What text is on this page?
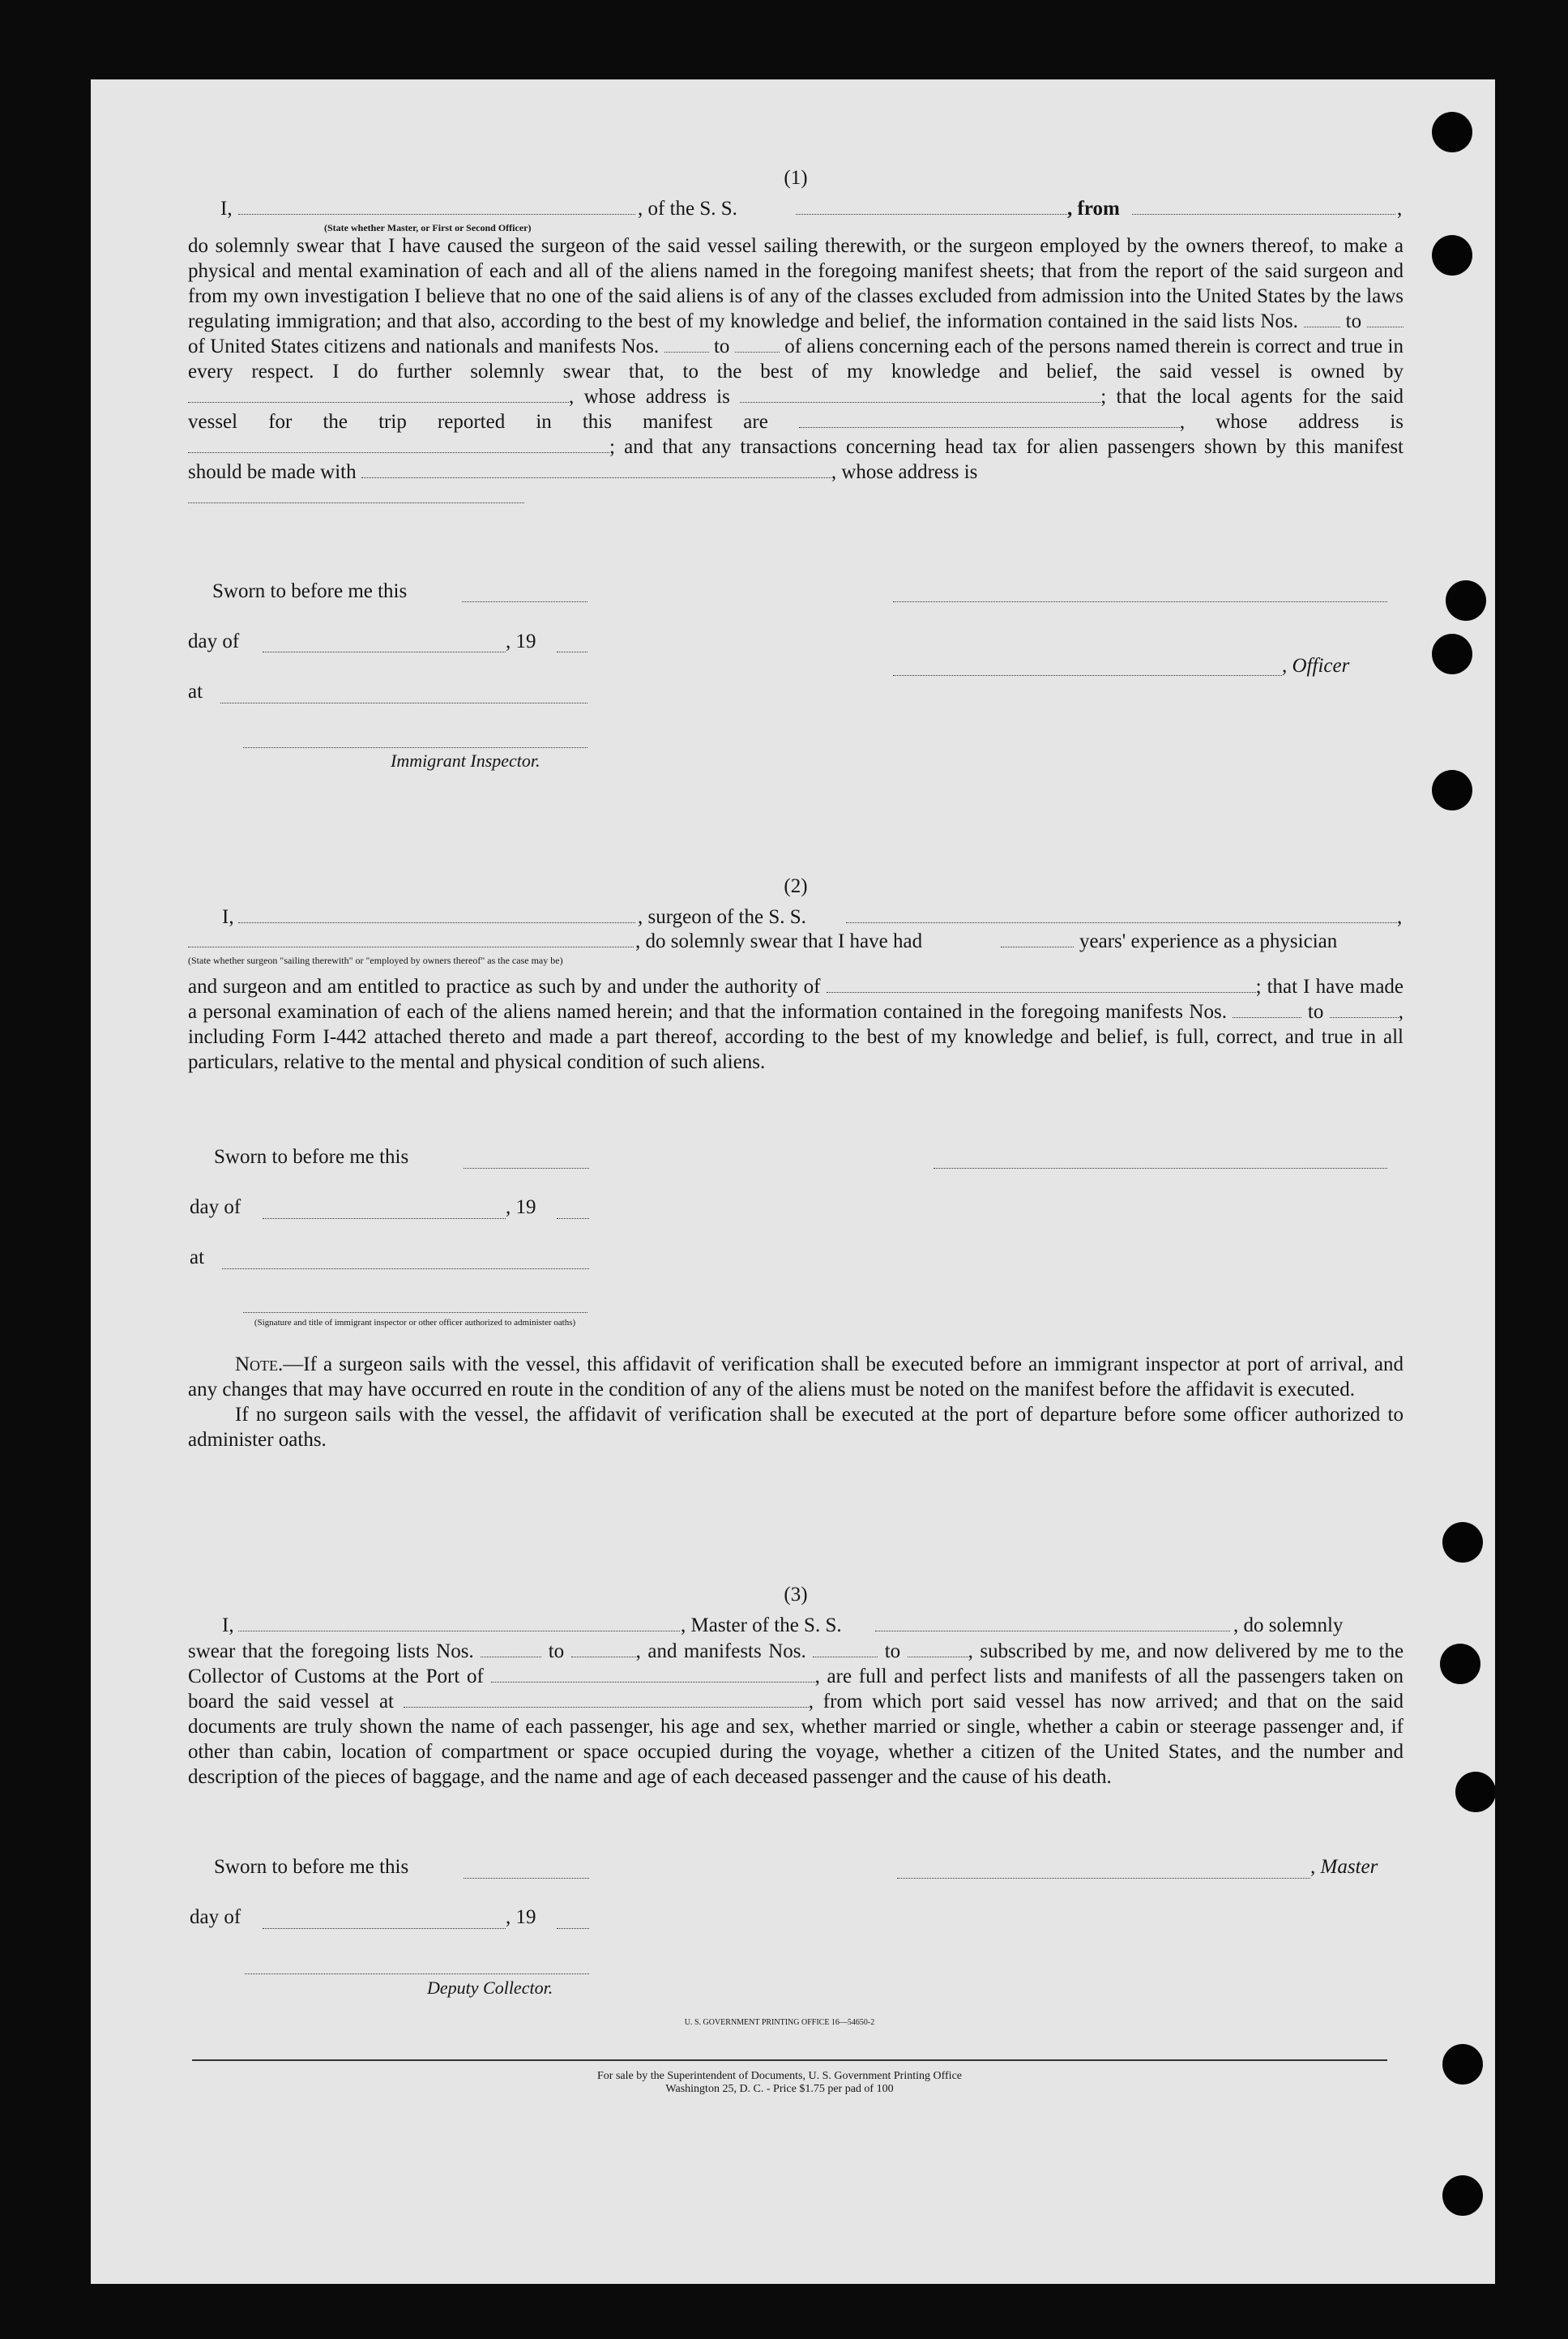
(1)
I,	, of the S. S.	, from	,
(State whether Master, or First or Second Officer)

do solemnly swear that I have caused the surgeon of the said vessel sailing therewith, or the surgeon employed by the owners thereof, to make a physical and mental examination of each and all of the aliens named in the foregoing manifest sheets; that from the report of the said surgeon and from my own investigation I believe that no one of the said aliens is of any of the classes excluded from admission into the United States by the laws regulating immigration; and that also, according to the best of my knowledge and belief, the information contained in the said lists Nos. to  of United States citizens and nationals and manifests Nos.	to	of aliens concerning each of the persons named therein is correct and true in every respect. I do further solemnly swear that, to the best of my knowledge and belief, the said vessel is owned by , whose address is	; that the local agents for the said vessel for the trip reported in this manifest are	, whose address is ; and that any transactions concerning head tax for alien passengers shown by this manifest should be made with	, whose address is

Sworn to before me this
day of	, 19
, Officer
at
Immigrant Inspector.
(2)
I,	, surgeon of the S. S.	,
, do solemnly swear that I have had	years' experience as a physician
(State whether surgeon "sailing therewith" or "employed by owners thereof" as the case may be)

and surgeon and am entitled to practice as such by and under the authority of	; that I have made a personal examination of each of the aliens named herein; and that the information contained in the foregoing manifests Nos.	to	, including Form I-442 attached thereto and made a part thereof, according to the best of my knowledge and belief, is full, correct, and true in all particulars, relative to the mental and physical condition of such aliens.

Sworn to before me this
day of	, 19
at
(Signature and title of immigrant inspector or other officer authorized to administer oaths)

Note.—If a surgeon sails with the vessel, this affidavit of verification shall be executed before an immigrant inspector at port of arrival, and any changes that may have occurred en route in the condition of any of the aliens must be noted on the manifest before the affidavit is executed.

If no surgeon sails with the vessel, the affidavit of verification shall be executed at the port of departure before some officer authorized to administer oaths.

(3)
I,	, Master of the S. S.	, do solemnly

swear that the foregoing lists Nos.	to	, and manifests Nos.	to	, subscribed by me, and now delivered by me to the Collector of Customs at the Port of	, are full and perfect lists and manifests of all the passengers taken on board the said vessel at	, from which port said vessel has now arrived; and that on the said documents are truly shown the name of each passenger, his age and sex, whether married or single, whether a cabin or steerage passenger and, if other than cabin, location of compartment or space occupied during the voyage, whether a citizen of the United States, and the number and description of the pieces of baggage, and the name and age of each deceased passenger and the cause of his death.

Sworn to before me this	, Master
day of	, 19
Deputy Collector.
U. S. GOVERNMENT PRINTING OFFICE 16—54650-2
For sale by the Superintendent of Documents, U. S. Government Printing Office
Washington 25, D. C. - Price $1.75 per pad of 100
